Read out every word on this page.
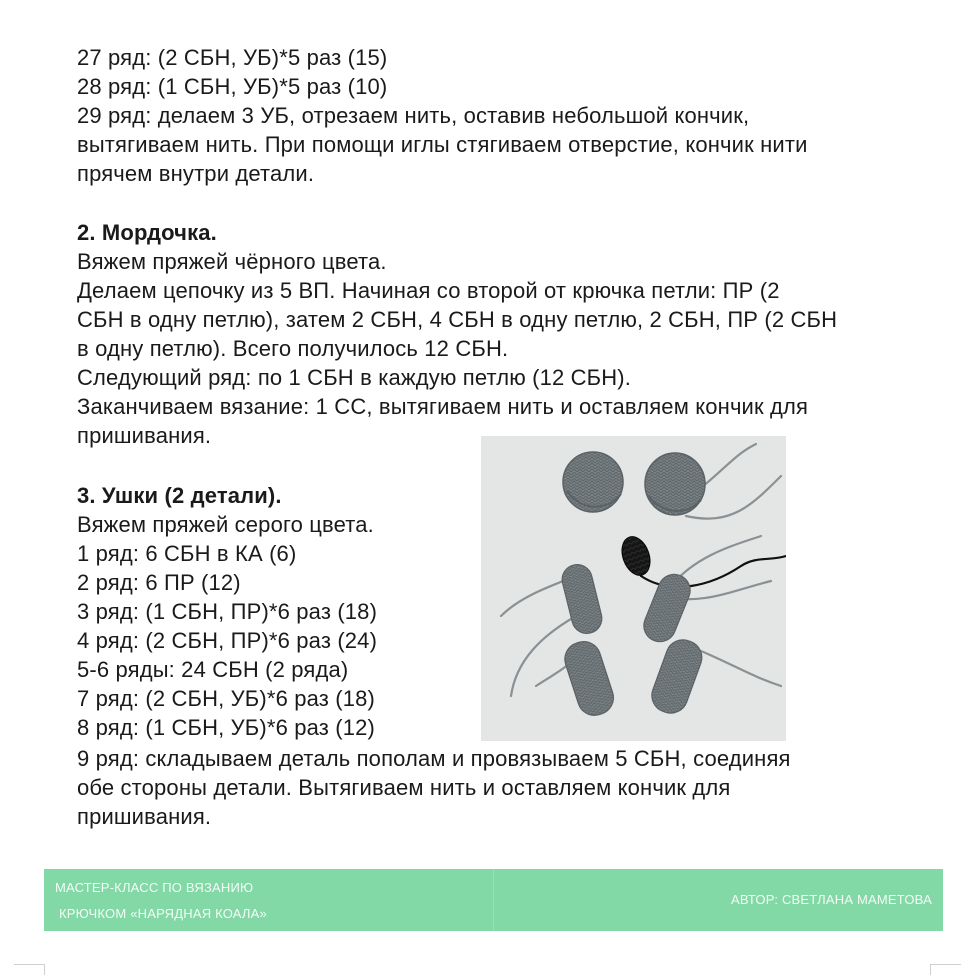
27 ряд: (2 СБН, УБ)*5 раз (15)
28 ряд: (1 СБН, УБ)*5 раз (10)
29 ряд: делаем 3 УБ, отрезаем нить, оставив небольшой кончик,
вытягиваем нить. При помощи иглы стягиваем отверстие, кончик нити
прячем внутри детали.
2. Мордочка.
Вяжем пряжей чёрного цвета.
Делаем цепочку из 5 ВП. Начиная со второй от крючка петли: ПР (2
СБН в одну петлю), затем 2 СБН, 4 СБН в одну петлю, 2 СБН, ПР (2 СБН
в одну петлю). Всего получилось 12 СБН.
Следующий ряд: по 1 СБН в каждую петлю (12 СБН).
Заканчиваем вязание: 1 СС, вытягиваем нить и оставляем кончик для
пришивания.
3. Ушки (2 детали).
Вяжем пряжей серого цвета.
1 ряд: 6 СБН в КА (6)
2 ряд: 6 ПР (12)
3 ряд: (1 СБН, ПР)*6 раз (18)
4 ряд: (2 СБН, ПР)*6 раз (24)
5-6 ряды: 24 СБН (2 ряда)
7 ряд: (2 СБН, УБ)*6 раз (18)
8 ряд: (1 СБН, УБ)*6 раз (12)
9 ряд: складываем деталь пополам и провязываем 5 СБН, соединяя
обе стороны детали. Вытягиваем нить и оставляем кончик для
пришивания.
МАСТЕР-КЛАСС ПО ВЯЗАНИЮ
КРЮЧКОМ «НАРЯДНАЯ КОАЛА»
АВТОР: СВЕТЛАНА МАМЕТОВА
